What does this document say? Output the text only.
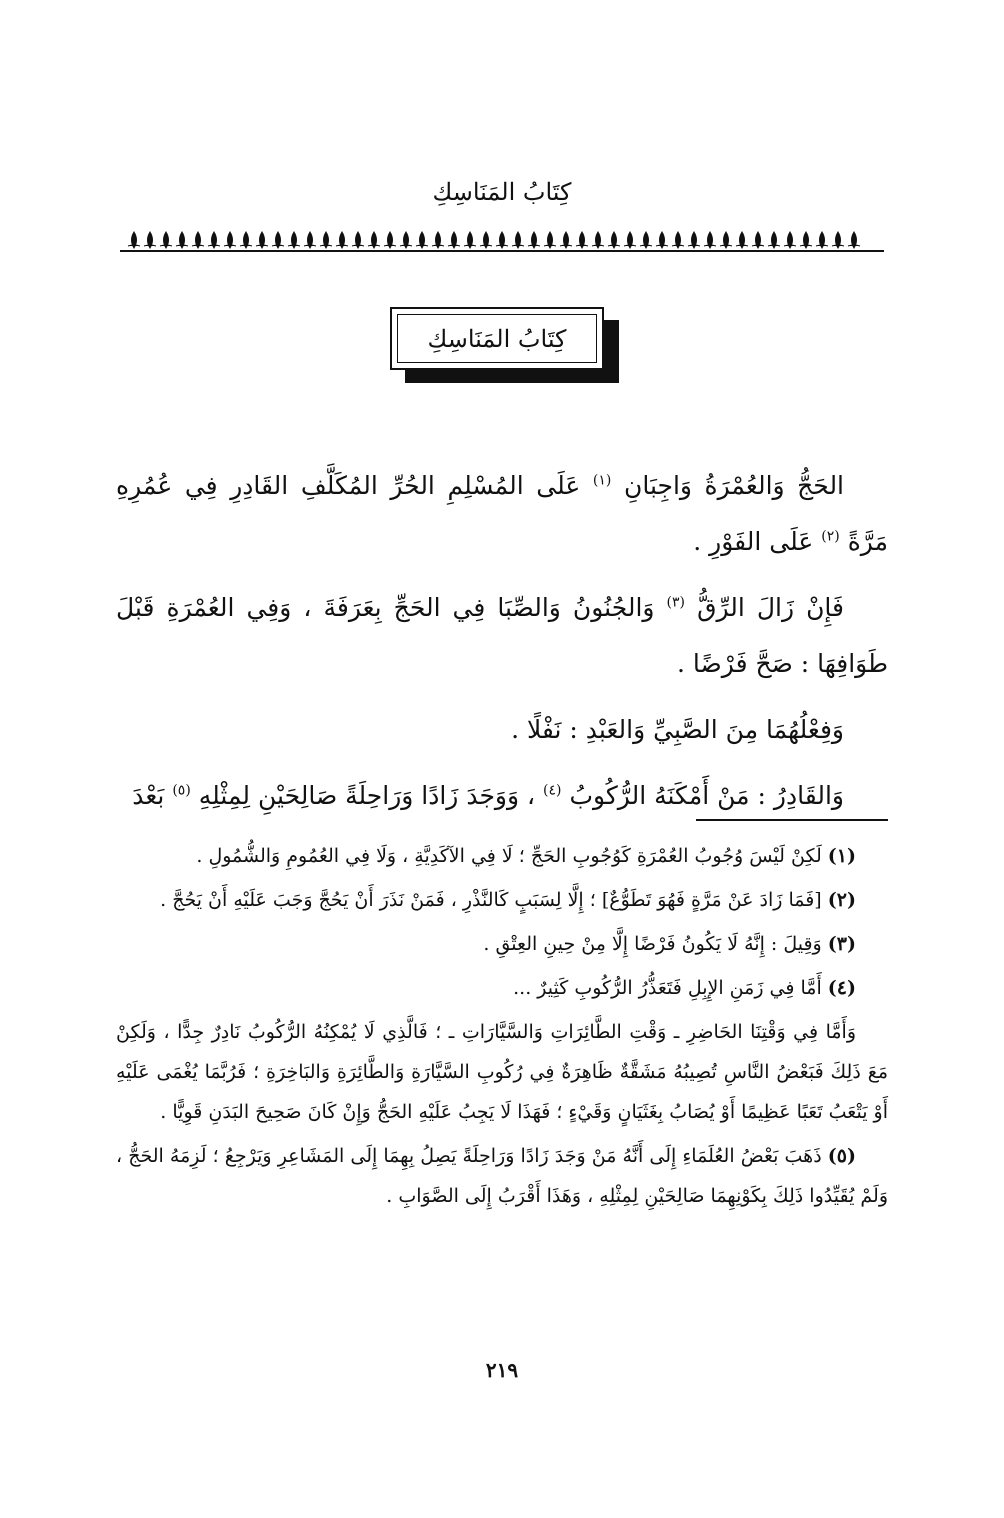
كِتَابُ المَنَاسِكِ
كِتَابُ المَنَاسِكِ

الحَجُّ وَالعُمْرَةُ وَاجِبَانِ $^{(١)}$ عَلَى المُسْلِمِ الحُرِّ المُكَلَّفِ القَادِرِ فِي عُمُرِهِ مَرَّةً $^{(٢)}$ عَلَى الفَوْرِ .

فَإِنْ زَالَ الرِّقُّ $^{(٣)}$ وَالجُنُونُ وَالصِّبَا فِي الحَجِّ بِعَرَفَةَ ، وَفِي العُمْرَةِ قَبْلَ طَوَافِهَا : صَحَّ فَرْضًا .

وَفِعْلُهُمَا مِنَ الصَّبِيِّ وَالعَبْدِ : نَفْلًا .

وَالقَادِرُ : مَنْ أَمْكَنَهُ الرُّكُوبُ $^{(٤)}$ ، وَوَجَدَ زَادًا وَرَاحِلَةً صَالِحَيْنِ لِمِثْلِهِ $^{(٥)}$ بَعْدَ

(١) لَكِنْ لَيْسَ وُجُوبُ العُمْرَةِ كَوُجُوبِ الحَجِّ ؛ لَا فِي الآكَدِيَّةِ ، وَلَا فِي العُمُومِ وَالشُّمُولِ .

(٢) [فَمَا زَادَ عَنْ مَرَّةٍ فَهُوَ تَطَوُّعٌ] ؛ إِلَّا لِسَبَبٍ كَالنَّذْرِ ، فَمَنْ نَذَرَ أَنْ يَحُجَّ وَجَبَ عَلَيْهِ أَنْ يَحُجَّ .

(٣) وَقِيلَ : إِنَّهُ لَا يَكُونُ فَرْضًا إِلَّا مِنْ حِينِ العِتْقِ .

(٤) أَمَّا فِي زَمَنِ الإِبِلِ فَتَعَذُّرُ الرُّكُوبِ كَثِيرٌ ...

وَأَمَّا فِي وَقْتِنَا الحَاضِرِ ـ وَقْتِ الطَّائِرَاتِ وَالسَّيَّارَاتِ ـ ؛ فَالَّذِي لَا يُمْكِنُهُ الرُّكُوبُ نَادِرٌ جِدًّا ، وَلَكِنْ مَعَ ذَلِكَ فَبَعْضُ النَّاسِ تُصِيبُهُ مَشَقَّةٌ ظَاهِرَةٌ فِي رُكُوبِ السَّيَّارَةِ وَالطَّائِرَةِ وَالبَاخِرَةِ ؛ فَرُبَّمَا يُغْمَى عَلَيْهِ أَوْ يَتْعَبُ تَعَبًا عَظِيمًا أَوْ يُصَابُ بِغَثَيَانٍ وَقَيْءٍ ؛ فَهَذَا لَا يَجِبُ عَلَيْهِ الحَجُّ وَإِنْ كَانَ صَحِيحَ البَدَنِ قَوِيًّا .

(٥) ذَهَبَ بَعْضُ العُلَمَاءِ إِلَى أَنَّهُ مَنْ وَجَدَ زَادًا وَرَاحِلَةً يَصِلُ بِهِمَا إِلَى المَشَاعِرِ وَيَرْجِعُ ؛ لَزِمَهُ الحَجُّ ، وَلَمْ يُقَيِّدُوا ذَلِكَ بِكَوْنِهِمَا صَالِحَيْنِ لِمِثْلِهِ ، وَهَذَا أَقْرَبُ إِلَى الصَّوَابِ .

٢١٩
